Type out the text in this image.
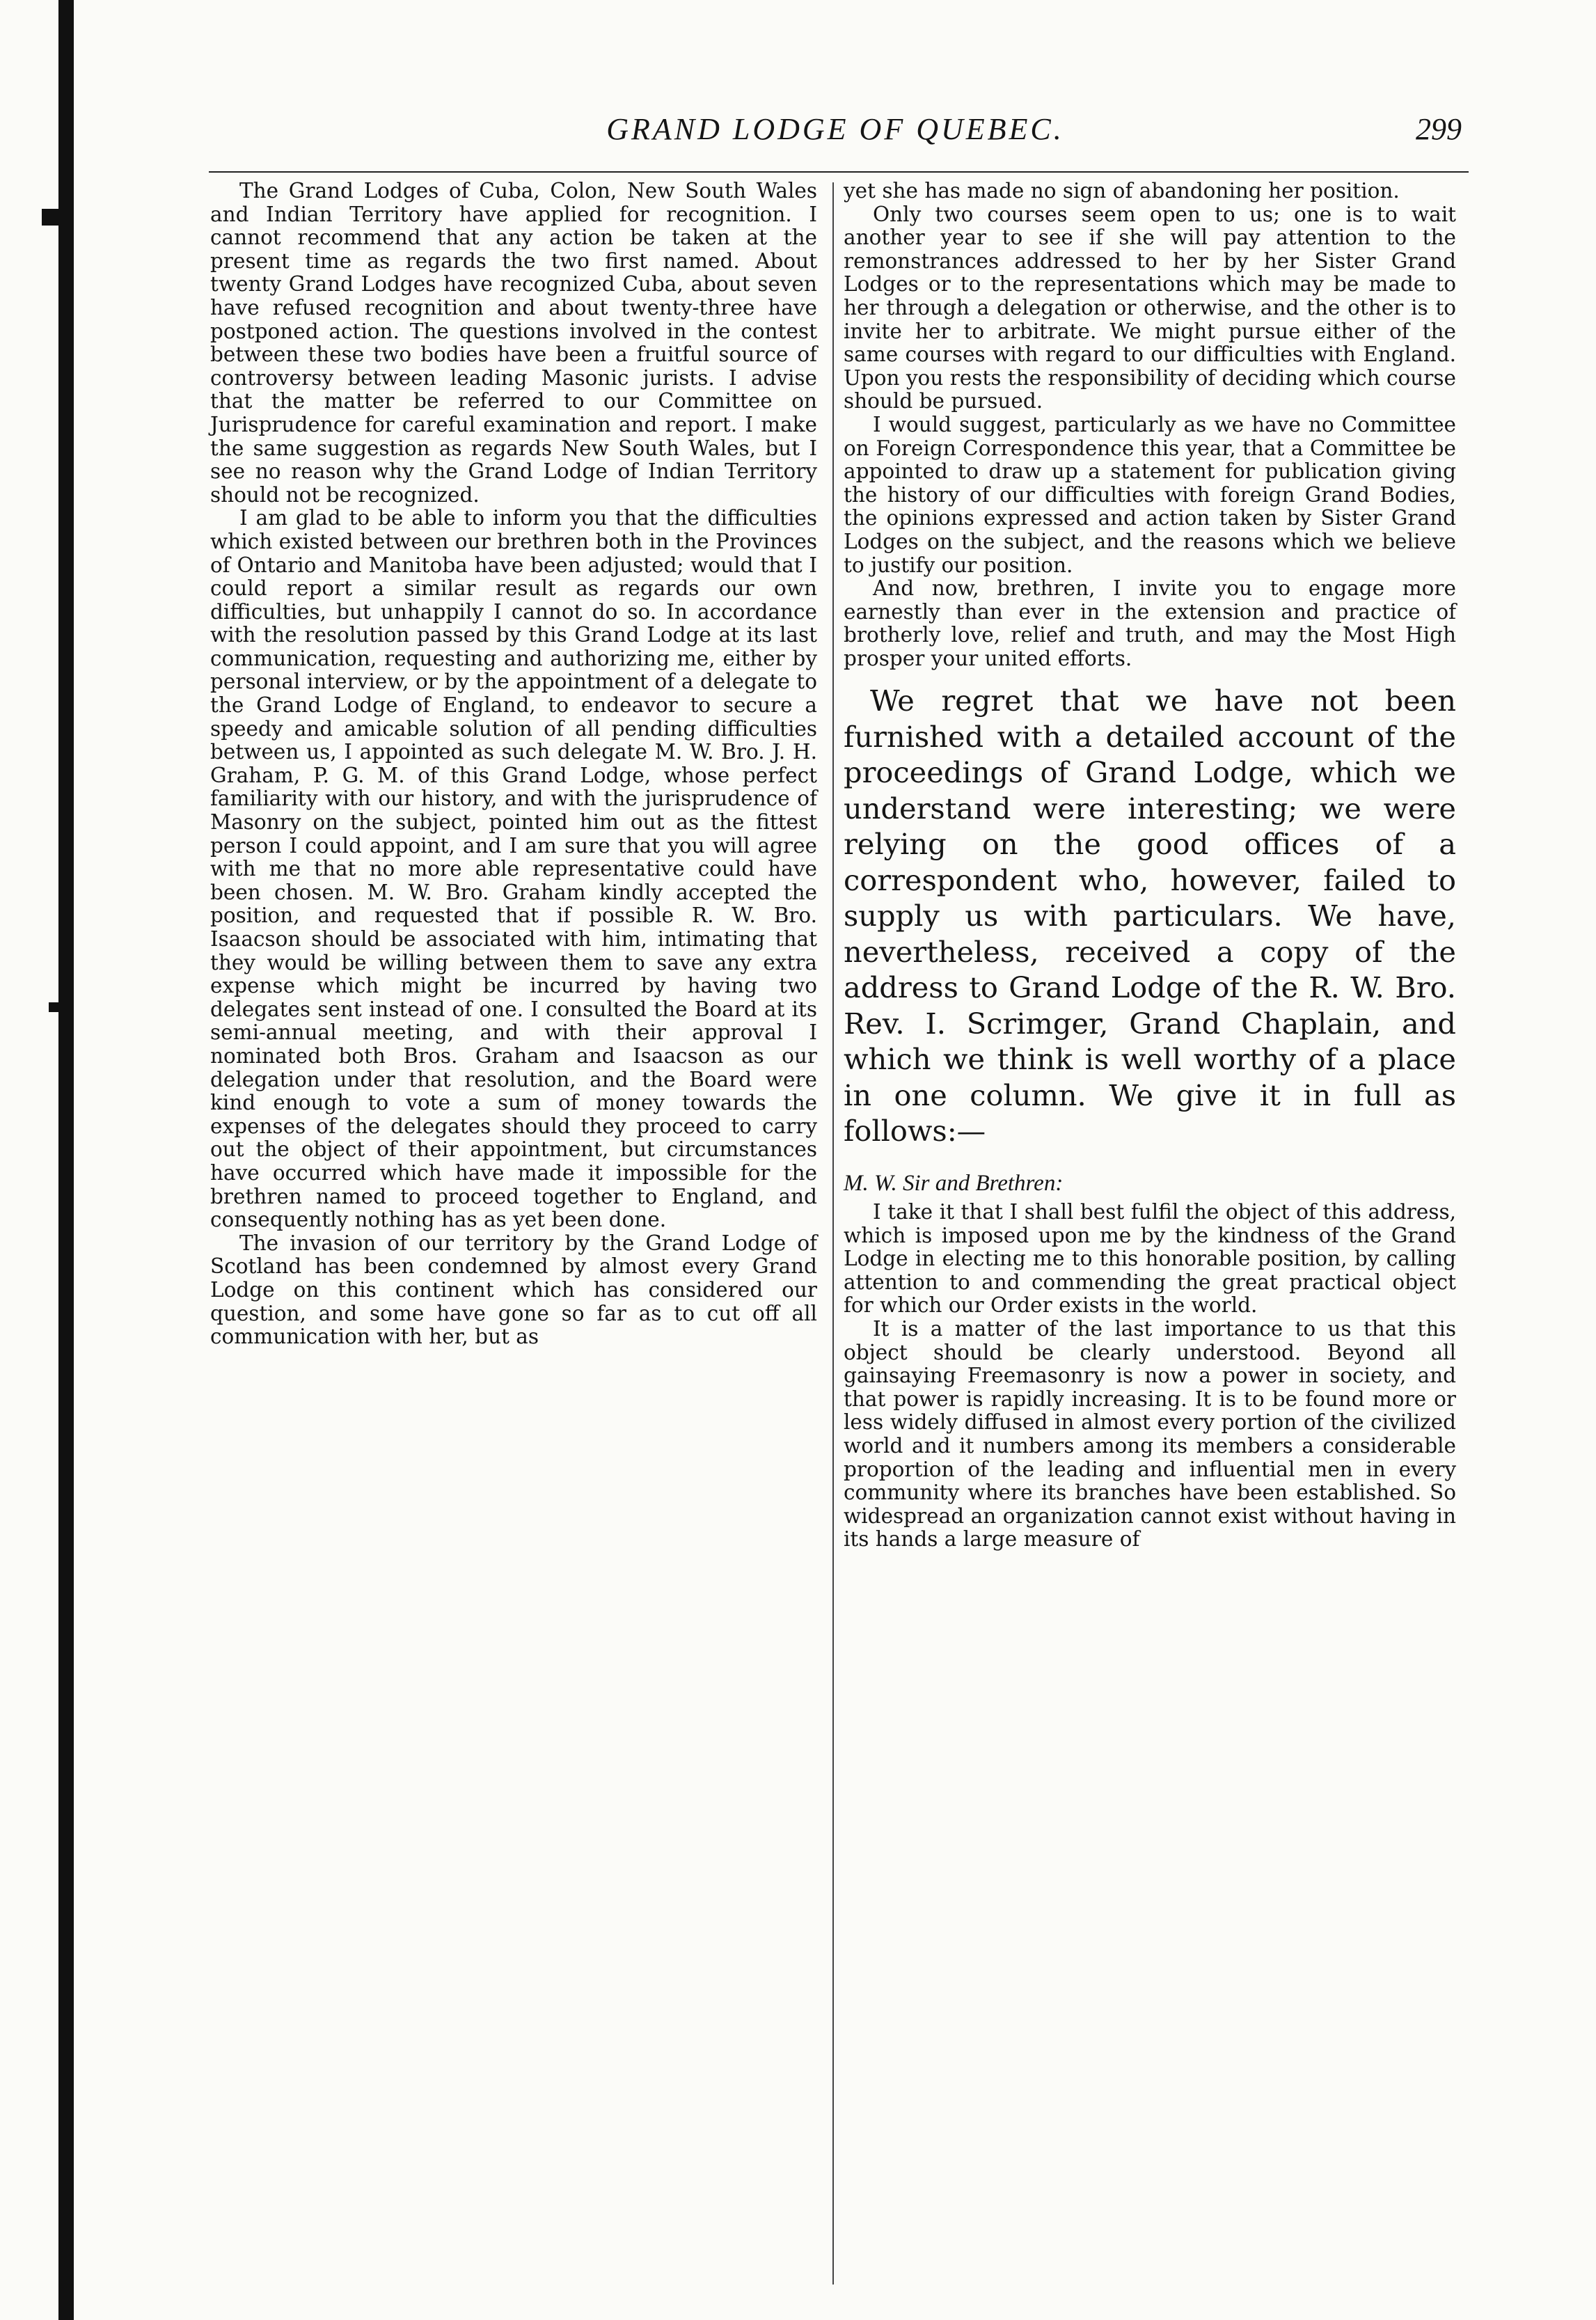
GRAND LODGE OF QUEBEC.	299

The Grand Lodges of Cuba, Colon, New South Wales and Indian Territory have applied for recognition. I cannot recommend that any action be taken at the present time as regards the two first named. About twenty Grand Lodges have recognized Cuba, about seven have refused recognition and about twenty-three have postponed action. The questions involved in the contest between these two bodies have been a fruitful source of controversy between leading Masonic jurists. I advise that the matter be referred to our Committee on Jurisprudence for careful examination and report. I make the same suggestion as regards New South Wales, but I see no reason why the Grand Lodge of Indian Territory should not be recognized.

I am glad to be able to inform you that the difficulties which existed between our brethren both in the Provinces of Ontario and Manitoba have been adjusted; would that I could report a similar result as regards our own difficulties, but unhappily I cannot do so. In accordance with the resolution passed by this Grand Lodge at its last communication, requesting and authorizing me, either by personal interview, or by the appointment of a delegate to the Grand Lodge of England, to endeavor to secure a speedy and amicable solution of all pending difficulties between us, I appointed as such delegate M. W. Bro. J. H. Graham, P. G. M. of this Grand Lodge, whose perfect familiarity with our history, and with the jurisprudence of Masonry on the subject, pointed him out as the fittest person I could appoint, and I am sure that you will agree with me that no more able representative could have been chosen. M. W. Bro. Graham kindly accepted the position, and requested that if possible R. W. Bro. Isaacson should be associated with him, intimating that they would be willing between them to save any extra expense which might be incurred by having two delegates sent instead of one. I consulted the Board at its semi-annual meeting, and with their approval I nominated both Bros. Graham and Isaacson as our delegation under that resolution, and the Board were kind enough to vote a sum of money towards the expenses of the delegates should they proceed to carry out the object of their appointment, but circumstances have occurred which have made it impossible for the brethren named to proceed together to England, and consequently nothing has as yet been done.

The invasion of our territory by the Grand Lodge of Scotland has been condemned by almost every Grand Lodge on this continent which has considered our question, and some have gone so far as to cut off all communication with her, but as

yet she has made no sign of abandoning her position.

Only two courses seem open to us; one is to wait another year to see if she will pay attention to the remonstrances addressed to her by her Sister Grand Lodges or to the representations which may be made to her through a delegation or otherwise, and the other is to invite her to arbitrate. We might pursue either of the same courses with regard to our difficulties with England. Upon you rests the responsibility of deciding which course should be pursued.

I would suggest, particularly as we have no Committee on Foreign Correspondence this year, that a Committee be appointed to draw up a statement for publication giving the history of our difficulties with foreign Grand Bodies, the opinions expressed and action taken by Sister Grand Lodges on the subject, and the reasons which we believe to justify our position.

And now, brethren, I invite you to engage more earnestly than ever in the extension and practice of brotherly love, relief and truth, and may the Most High prosper your united efforts.

We regret that we have not been furnished with a detailed account of the proceedings of Grand Lodge, which we understand were interesting; we were relying on the good offices of a correspondent who, however, failed to supply us with particulars. We have, nevertheless, received a copy of the address to Grand Lodge of the R. W. Bro. Rev. I. Scrimger, Grand Chaplain, and which we think is well worthy of a place in one column. We give it in full as follows:—

M. W. Sir and Brethren:

I take it that I shall best fulfil the object of this address, which is imposed upon me by the kindness of the Grand Lodge in electing me to this honorable position, by calling attention to and commending the great practical object for which our Order exists in the world.

It is a matter of the last importance to us that this object should be clearly understood. Beyond all gainsaying Freemasonry is now a power in society, and that power is rapidly increasing. It is to be found more or less widely diffused in almost every portion of the civilized world and it numbers among its members a considerable proportion of the leading and influential men in every community where its branches have been established. So widespread an organization cannot exist without having in its hands a large measure of
